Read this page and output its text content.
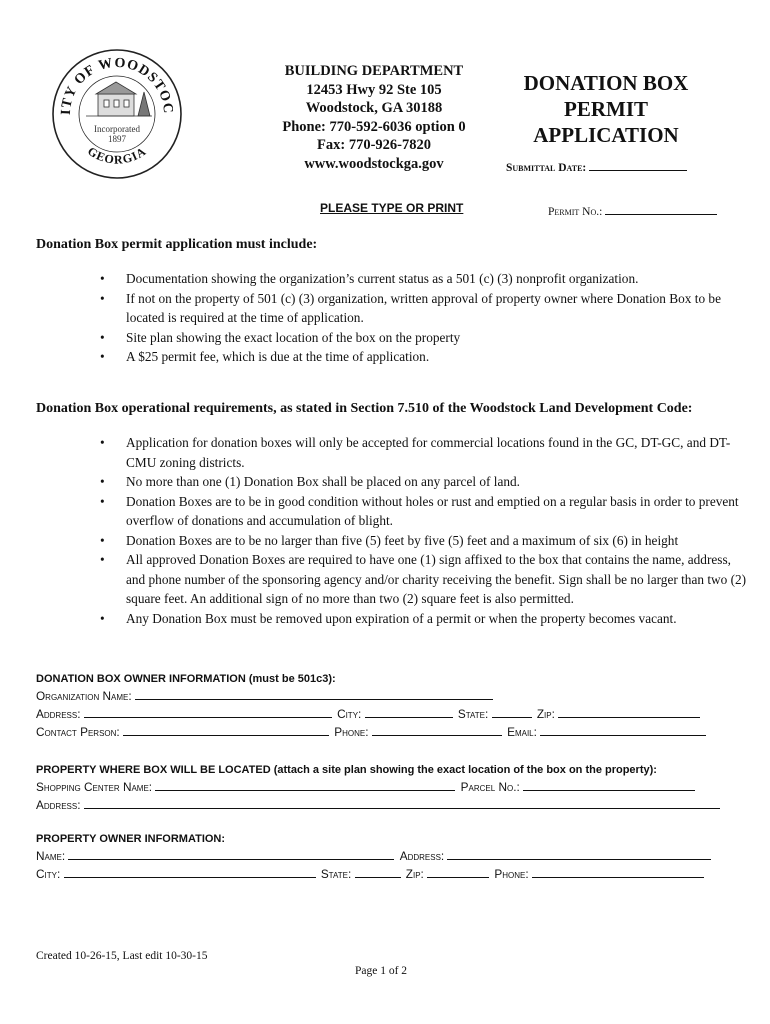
ITY OF WOODSTOC
GEORGIA
Incorporated
1897
BUILDING DEPARTMENT
12453 Hwy 92 Ste 105
Woodstock, GA 30188
Phone: 770-592-6036 option 0
Fax: 770-926-7820
www.woodstockga.gov
DONATION BOX
PERMIT
APPLICATION
Submittal Date:
PLEASE TYPE OR PRINT	Permit No.:
Donation Box permit application must include:
• Documentation showing the organization’s current status as a 501 (c) (3) nonprofit organization.
• If not on the property of 501 (c) (3) organization, written approval of property owner where Donation Box to be located is required at the time of application.
• Site plan showing the exact location of the box on the property
• A $25 permit fee, which is due at the time of application.
Donation Box operational requirements, as stated in Section 7.510 of the Woodstock Land Development Code:
• Application for donation boxes will only be accepted for commercial locations found in the GC, DT-GC, and DT-CMU zoning districts.
• No more than one (1) Donation Box shall be placed on any parcel of land.
• Donation Boxes are to be in good condition without holes or rust and emptied on a regular basis in order to prevent overflow of donations and accumulation of blight.
• Donation Boxes are to be no larger than five (5) feet by five (5) feet and a maximum of six (6) in height
• All approved Donation Boxes are required to have one (1) sign affixed to the box that contains the name, address, and phone number of the sponsoring agency and/or charity receiving the benefit. Sign shall be no larger than two (2) square feet. An additional sign of no more than two (2) square feet is also permitted.
• Any Donation Box must be removed upon expiration of a permit or when the property becomes vacant.
DONATION BOX OWNER INFORMATION (must be 501c3):
Organization Name:
Address:	City:	State:	Zip:
Contact Person:	Phone:	Email:
PROPERTY WHERE BOX WILL BE LOCATED (attach a site plan showing the exact location of the box on the property):
Shopping Center Name:	Parcel No.:
Address:
PROPERTY OWNER INFORMATION:
Name:	Address:
City:	State:	Zip:	Phone:
Created 10-26-15, Last edit 10-30-15
Page 1 of 2
